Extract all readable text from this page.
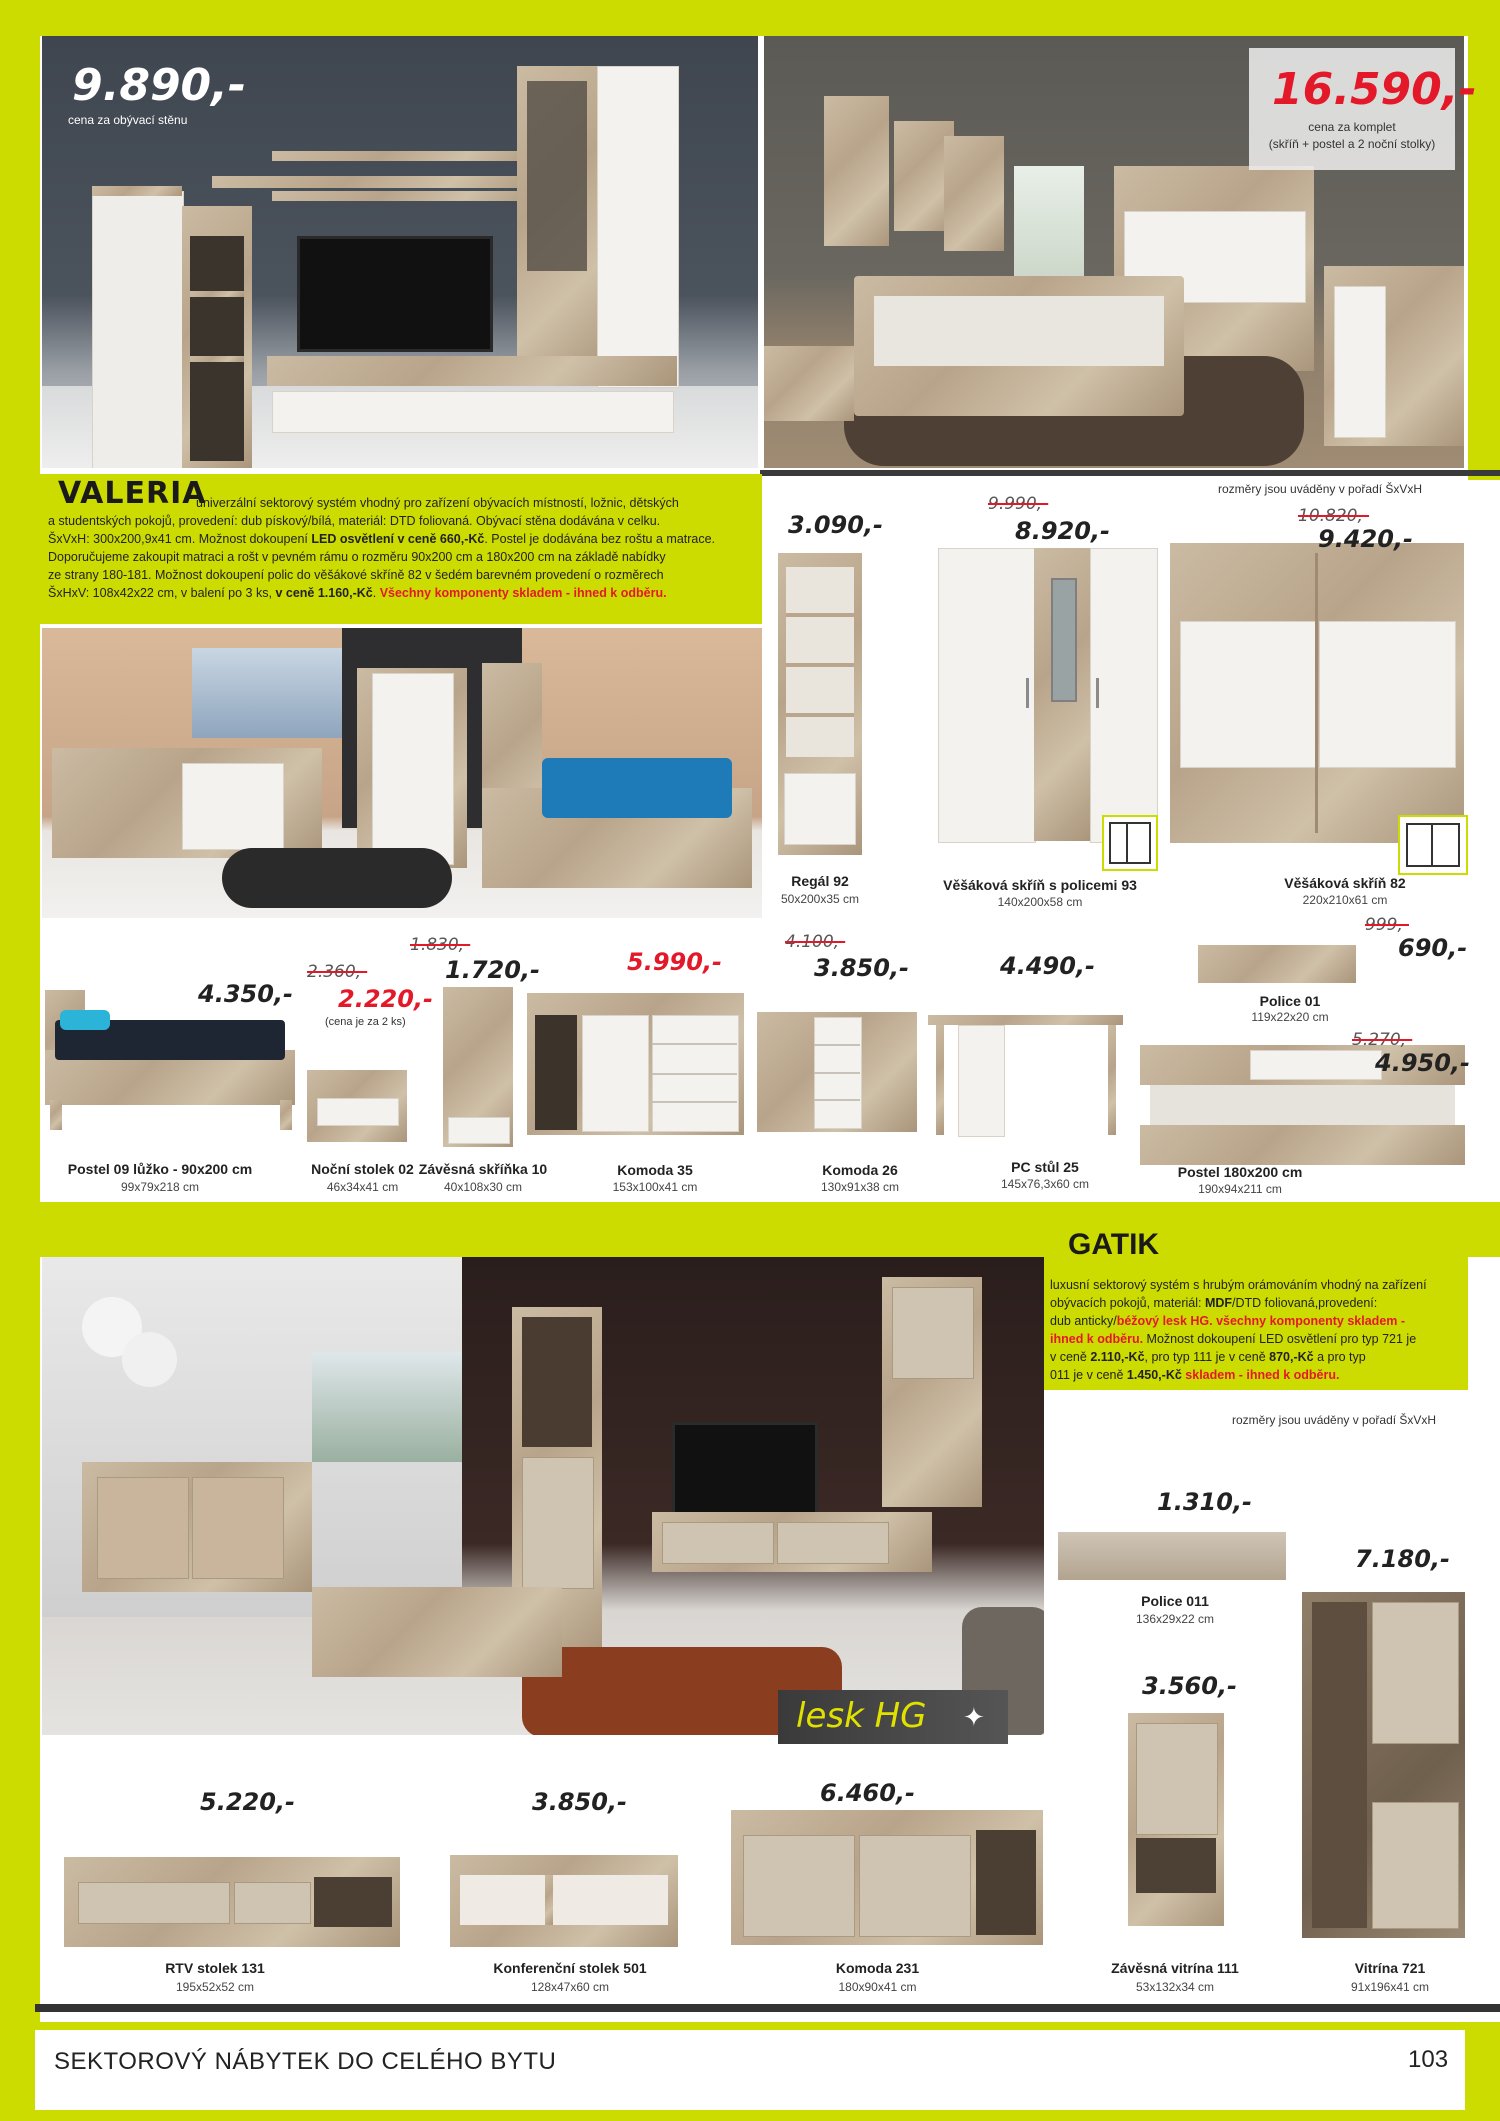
9.890,-
cena za obývací stěnu
16.590,-
cena za komplet
(skříň + postel a 2 noční stolky)
VALERIA
univerzální sektorový systém vhodný pro zařízení obývacích místností, ložnic, dětských
a studentských pokojů, provedení: dub pískový/bílá, materiál: DTD foliovaná. Obývací stěna dodávána v celku.
ŠxVxH: 300x200,9x41 cm. Možnost dokoupení LED osvětlení v ceně 660,-Kč. Postel je dodávána bez roštu a matrace.
Doporučujeme zakoupit matraci a rošt v pevném rámu o rozměru 90x200 cm a 180x200 cm na základě nabídky
ze strany 180-181. Možnost dokoupení polic do věšákové skříně 82 v šedém barevném provedení o rozměrech
ŠxHxV: 108x42x22 cm, v balení po 3 ks, v ceně 1.160,-Kč. Všechny komponenty skladem - ihned k odběru.
rozměry jsou uváděny v pořadí ŠxVxH
3.090,-
Regál 92
50x200x35 cm
9.990,-
8.920,-
Věšáková skříň s policemi 93
140x200x58 cm
10.820,-
9.420,-
Věšáková skříň 82
220x210x61 cm
4.350,-
Postel 09 lůžko - 90x200 cm
99x79x218 cm
2.360,-
2.220,-
(cena je za 2 ks)
Noční stolek 02
46x34x41 cm
1.830,-
1.720,-
Závěsná skříňka 10
40x108x30 cm
5.990,-
Komoda 35
153x100x41 cm
4.100,-
3.850,-
Komoda 26
130x91x38 cm
4.490,-
PC stůl 25
145x76,3x60 cm
999,-
690,-
Police 01
119x22x20 cm
5.270,-
4.950,-
Postel 180x200 cm
190x94x211 cm
GATIK
luxusní sektorový systém s hrubým orámováním vhodný na zařízení
obývacích pokojů, materiál: MDF/DTD foliovaná,provedení:
dub anticky/béžový lesk HG. všechny komponenty skladem -
ihned k odběru. Možnost dokoupení LED osvětlení pro typ 721 je
v ceně 2.110,-Kč, pro typ 111 je v ceně 870,-Kč a pro typ
011 je v ceně 1.450,-Kč skladem - ihned k odběru.
rozměry jsou uváděny v pořadí ŠxVxH
lesk HG ✦
1.310,-
Police 011
136x29x22 cm
7.180,-
Vitrína 721
91x196x41 cm
3.560,-
Závěsná vitrína 111
53x132x34 cm
5.220,-
RTV stolek 131
195x52x52 cm
3.850,-
Konferenční stolek 501
128x47x60 cm
6.460,-
Komoda 231
180x90x41 cm
SEKTOROVÝ NÁBYTEK DO CELÉHO BYTU	103
